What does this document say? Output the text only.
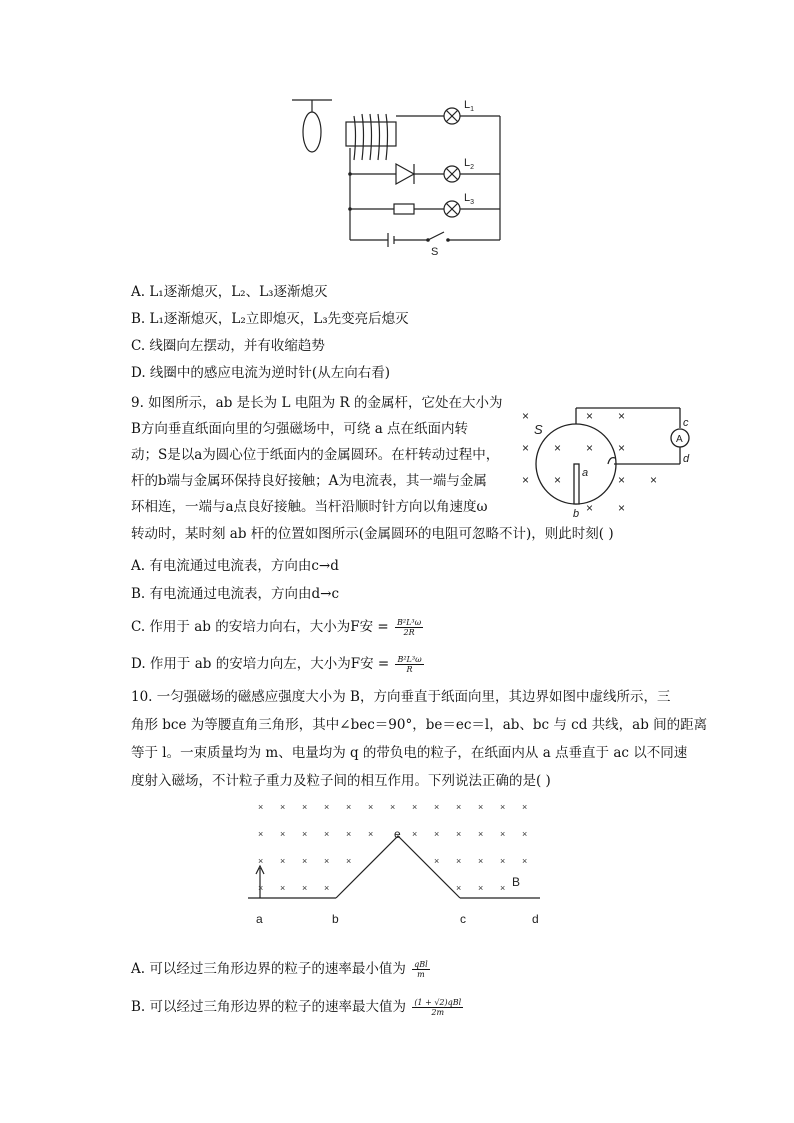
$L_1$
$L_2$
$L_3$
S
A. L₁逐渐熄灭，L₂、L₃逐渐熄灭
B. L₁逐渐熄灭，L₂立即熄灭，L₃先变亮后熄灭
C. 线圈向左摆动，并有收缩趋势
D. 线圈中的感应电流为逆时针(从左向右看)
9. 如图所示，ab 是长为 L 电阻为 R 的金属杆，它处在大小为
B方向垂直纸面向里的匀强磁场中，可绕 a 点在纸面内转
动；S是以a为圆心位于纸面内的金属圆环。在杆转动过程中，
杆的b端与金属环保持良好接触；A为电流表，其一端与金属
环相连，一端与a点良好接触。当杆沿顺时针方向以角速度ω
转动时，某时刻 ab 杆的位置如图所示(金属圆环的电阻可忽略不计)，则此时刻( )
A
c
d
S
a
b
×	× ×
× × × ×
× ×	× ×
× ×
A. 有电流通过电流表，方向由c→d
B. 有电流通过电流表，方向由d→c
C. 作用于 ab 的安培力向右，大小为F安 = $\frac{\text{B²L³ω}}{2R}$
D. 作用于 ab 的安培力向左，大小为F安 = $\frac{\text{B²L³ω}}{R}$
10. 一匀强磁场的磁感应强度大小为 B，方向垂直于纸面向里，其边界如图中虚线所示，三
角形 bce 为等腰直角三角形，其中∠bec＝90°，be＝ec＝l，ab、bc 与 cd 共线，ab 间的距离
等于 l。一束质量均为 m、电量均为 q 的带负电的粒子，在纸面内从 a 点垂直于 ac 以不同速
度射入磁场，不计粒子重力及粒子间的相互作用。下列说法正确的是( )
× × × × × × × × × × × × ×
× × × × × ×	× × × × × ×
× × × × ×	× × × × ×
× × × ×	× × ×
e
B
a	b	c	d
A. 可以经过三角形边界的粒子的速率最小值为 $\frac{\text{qBl}}{m}$
B. 可以经过三角形边界的粒子的速率最大值为 $\frac{\text{(1 + √2)qBl}}{2m}$
